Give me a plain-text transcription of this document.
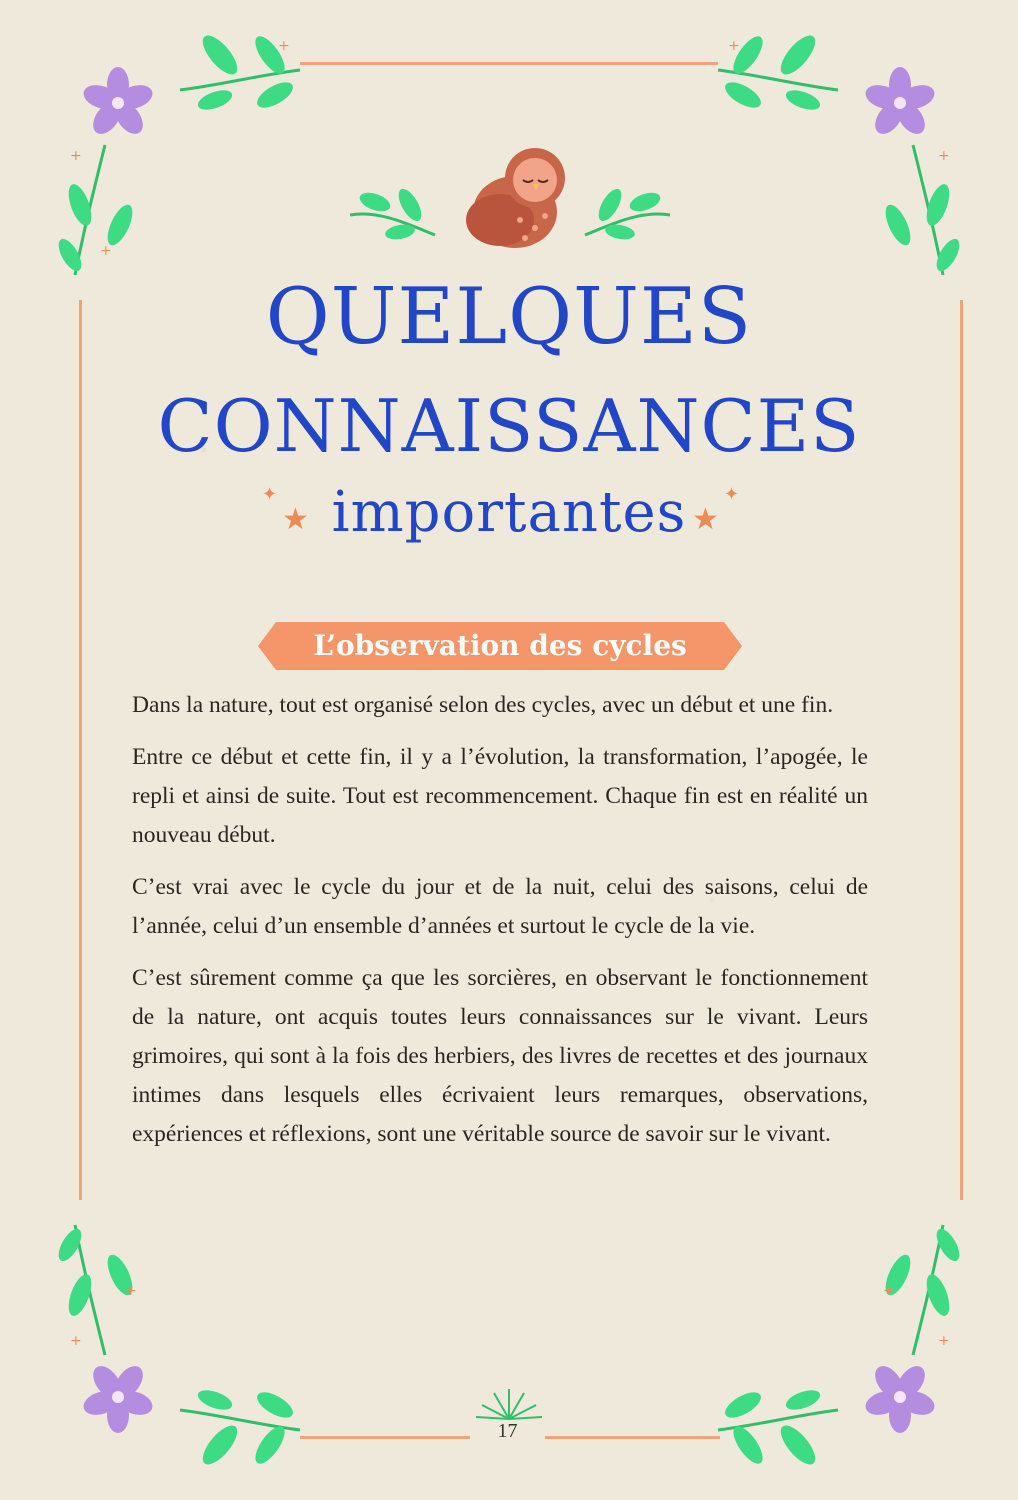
+
+
+
+
+
+
+
+
+
QUELQUES
CONNAISSANCES
importantes
✦
★	★
✦
L’observation des cycles

Dans la nature, tout est organisé selon des cycles, avec un début et une fin.

Entre ce début et cette fin, il y a l’évolution, la transformation, l’apogée, le repli et ainsi de suite. Tout est recommencement. Chaque fin est en réalité un nouveau début.

C’est vrai avec le cycle du jour et de la nuit, celui des saisons, celui de l’année, celui d’un ensemble d’années et surtout le cycle de la vie.

C’est sûrement comme ça que les sorcières, en observant le fonctionnement de la nature, ont acquis toutes leurs connaissances sur le vivant. Leurs grimoires, qui sont à la fois des herbiers, des livres de recettes et des journaux intimes dans lesquels elles écrivaient leurs remarques, observations, expériences et réflexions, sont une véritable source de savoir sur le vivant.

17
